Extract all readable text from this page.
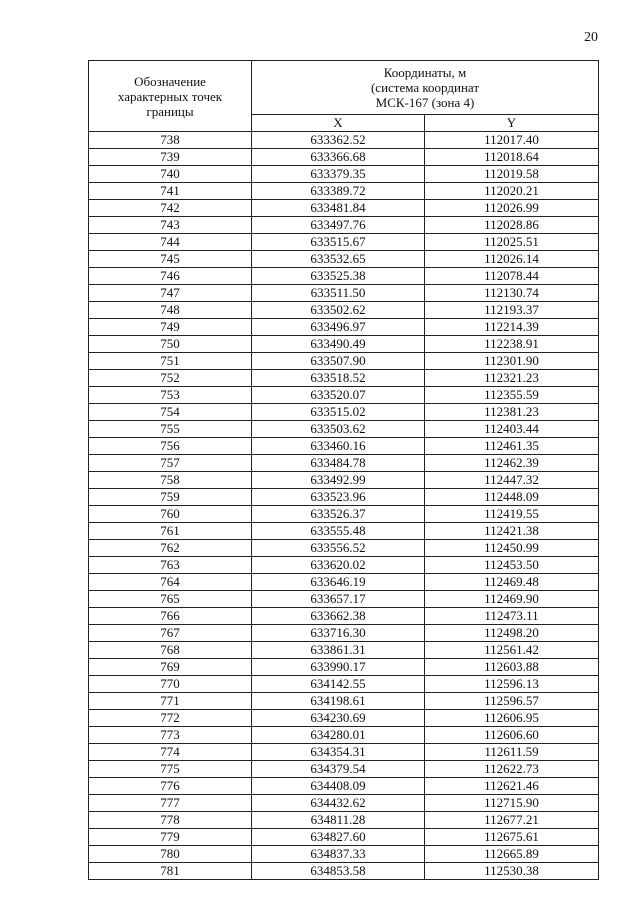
20
Обозначение характерных точек границы	Координаты, м
(система координат
МСК-167 (зона 4)	

	X	Y
738	633362.52	112017.40
739	633366.68	112018.64
740	633379.35	112019.58
741	633389.72	112020.21
742	633481.84	112026.99
743	633497.76	112028.86
744	633515.67	112025.51
745	633532.65	112026.14
746	633525.38	112078.44
747	633511.50	112130.74
748	633502.62	112193.37
749	633496.97	112214.39
750	633490.49	112238.91
751	633507.90	112301.90
752	633518.52	112321.23
753	633520.07	112355.59
754	633515.02	112381.23
755	633503.62	112403.44
756	633460.16	112461.35
757	633484.78	112462.39
758	633492.99	112447.32
759	633523.96	112448.09
760	633526.37	112419.55
761	633555.48	112421.38
762	633556.52	112450.99
763	633620.02	112453.50
764	633646.19	112469.48
765	633657.17	112469.90
766	633662.38	112473.11
767	633716.30	112498.20
768	633861.31	112561.42
769	633990.17	112603.88
770	634142.55	112596.13
771	634198.61	112596.57
772	634230.69	112606.95
773	634280.01	112606.60
774	634354.31	112611.59
775	634379.54	112622.73
776	634408.09	112621.46
777	634432.62	112715.90
778	634811.28	112677.21
779	634827.60	112675.61
780	634837.33	112665.89
781	634853.58	112530.38
